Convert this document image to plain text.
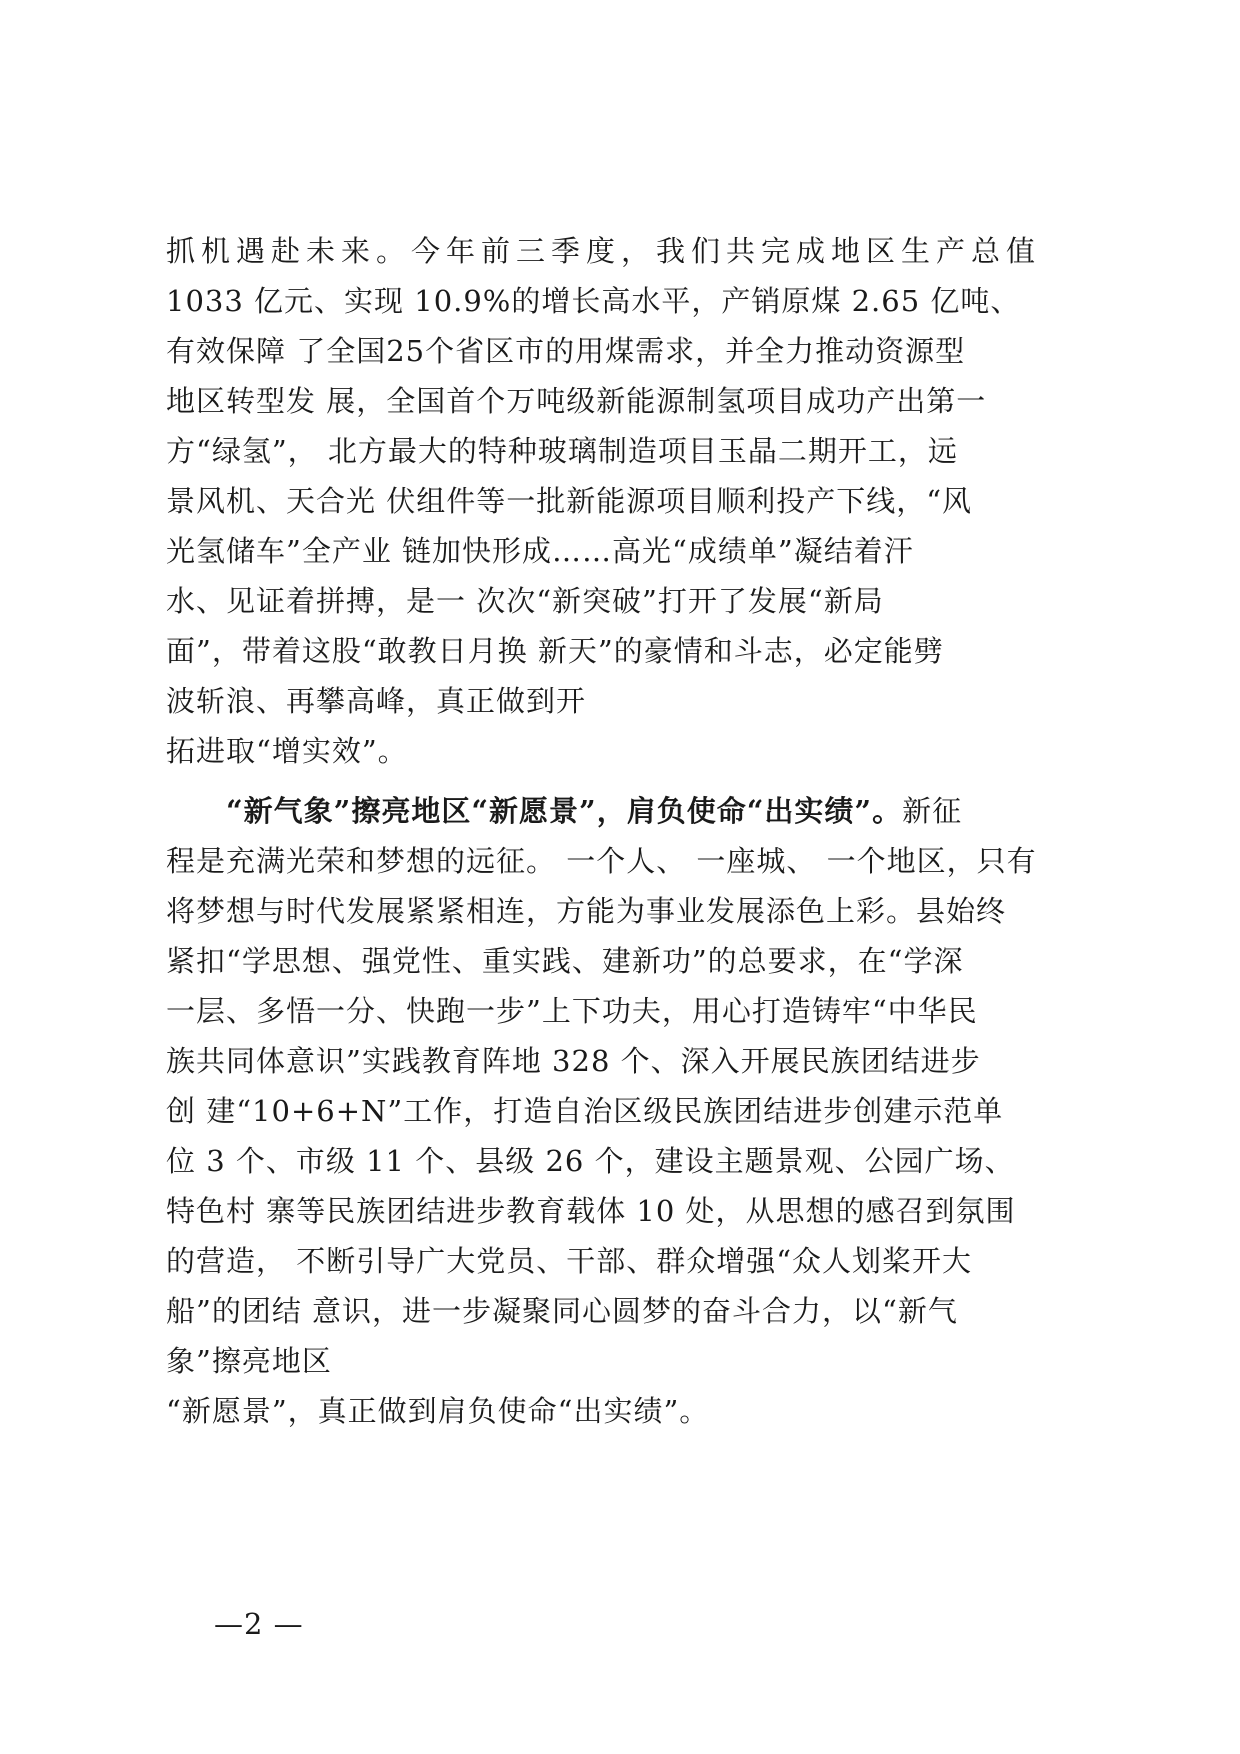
抓机遇赴未来。今年前三季度，我们共完成地区生产总值
1033 亿元、实现 10.9%的增长高水平，产销原煤 2.65 亿吨、
有效保障 了全国25个省区市的用煤需求，并全力推动资源型
地区转型发 展，全国首个万吨级新能源制氢项目成功产出第一
方“绿氢”， 北方最大的特种玻璃制造项目玉晶二期开工，远
景风机、天合光 伏组件等一批新能源项目顺利投产下线，“风
光氢储车”全产业 链加快形成……高光“成绩单”凝结着汗
水、见证着拼搏，是一 次次“新突破”打开了发展“新局
面”，带着这股“敢教日月换 新天”的豪情和斗志，必定能劈
波斩浪、再攀高峰，真正做到开
拓进取“增实效”。
“新气象”擦亮地区“新愿景”，肩负使命“出实绩”。新征
程是充满光荣和梦想的远征。 一个人、 一座城、 一个地区，只有
将梦想与时代发展紧紧相连，方能为事业发展添色上彩。县始终
紧扣“学思想、强党性、重实践、建新功”的总要求，在“学深
一层、多悟一分、快跑一步”上下功夫，用心打造铸牢“中华民
族共同体意识”实践教育阵地 328 个、深入开展民族团结进步
创 建“10+6+N”工作，打造自治区级民族团结进步创建示范单
位 3 个、市级 11 个、县级 26 个，建设主题景观、公园广场、
特色村 寨等民族团结进步教育载体 10 处，从思想的感召到氛围
的营造， 不断引导广大党员、干部、群众增强“众人划桨开大
船”的团结 意识，进一步凝聚同心圆梦的奋斗合力，以“新气
象”擦亮地区
“新愿景”，真正做到肩负使命“出实绩”。
—2 —
